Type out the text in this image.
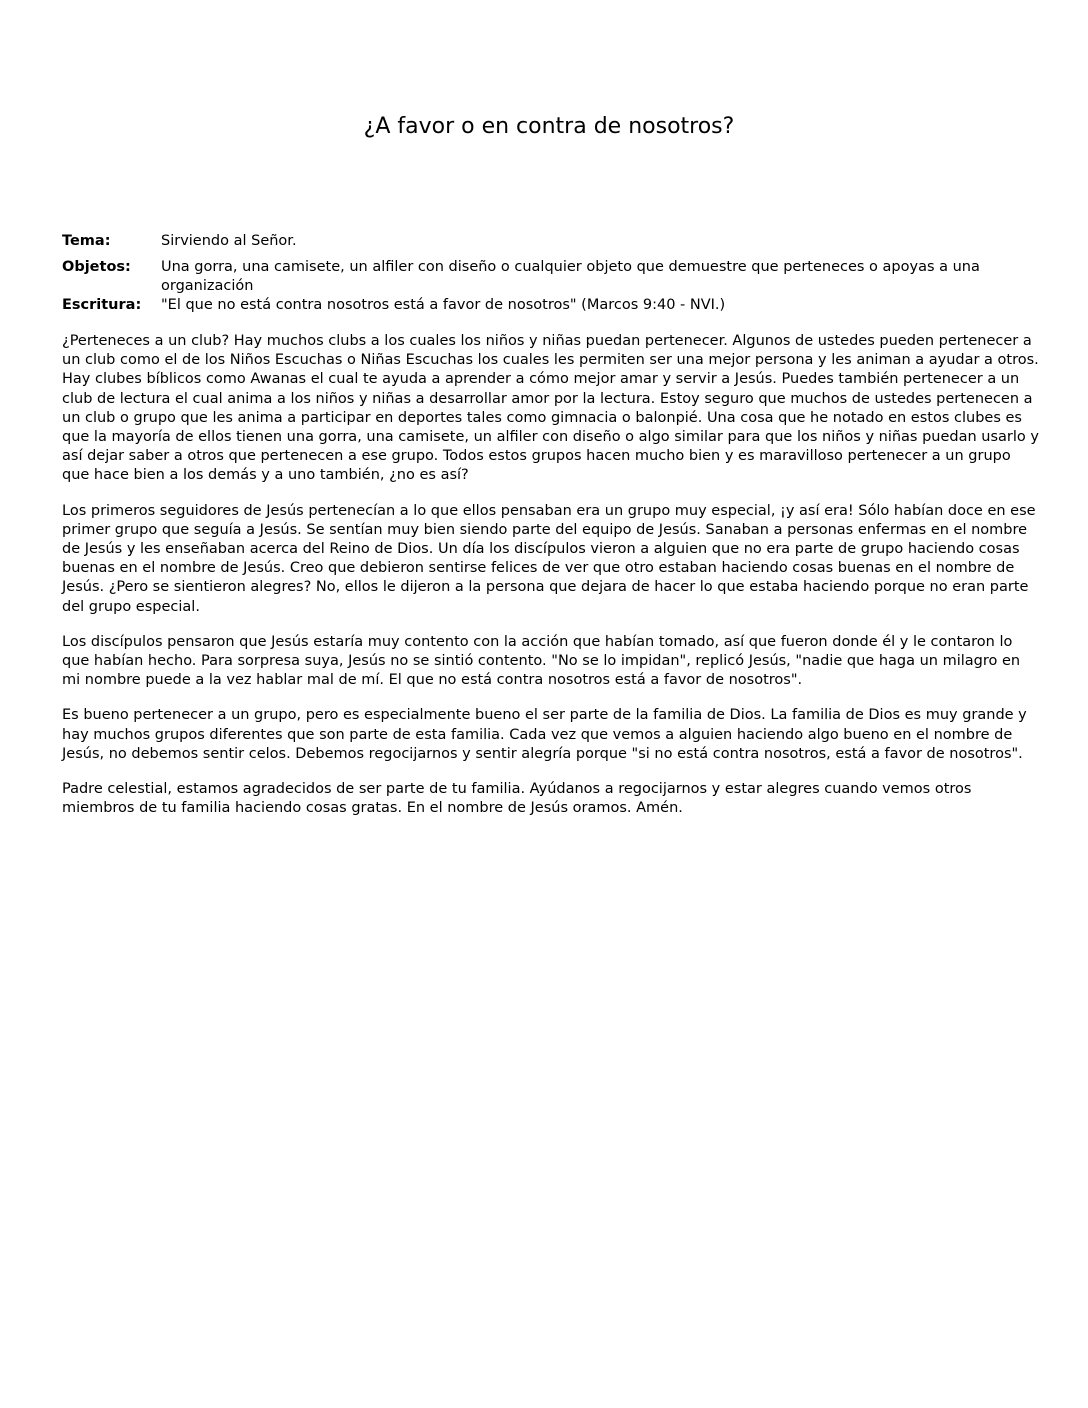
¿A favor o en contra de nosotros?
Tema:	Sirviendo al Señor.
Objetos:	Una gorra, una camisete, un alfiler con diseño o cualquier objeto que demuestre que perteneces o apoyas a una organización
Escritura:	"El que no está contra nosotros está a favor de nosotros" (Marcos 9:40 - NVI.)

¿Perteneces a un club? Hay muchos clubs a los cuales los niños y niñas puedan pertenecer. Algunos de ustedes pueden pertenecer a un club como el de los Niños Escuchas o Niñas Escuchas los cuales les permiten ser una mejor persona y les animan a ayudar a otros. Hay clubes bíblicos como Awanas el cual te ayuda a aprender a cómo mejor amar y servir a Jesús. Puedes también pertenecer a un club de lectura el cual anima a los niños y niñas a desarrollar amor por la lectura. Estoy seguro que muchos de ustedes pertenecen a un club o grupo que les anima a participar en deportes tales como gimnacia o balonpié. Una cosa que he notado en estos clubes es que la mayoría de ellos tienen una gorra, una camisete, un alfiler con diseño o algo similar para que los niños y niñas puedan usarlo y así dejar saber a otros que pertenecen a ese grupo. Todos estos grupos hacen mucho bien y es maravilloso pertenecer a un grupo que hace bien a los demás y a uno también, ¿no es así?

Los primeros seguidores de Jesús pertenecían a lo que ellos pensaban era un grupo muy especial, ¡y así era! Sólo habían doce en ese primer grupo que seguía a Jesús. Se sentían muy bien siendo parte del equipo de Jesús. Sanaban a personas enfermas en el nombre de Jesús y les enseñaban acerca del Reino de Dios. Un día los discípulos vieron a alguien que no era parte de grupo haciendo cosas buenas en el nombre de Jesús. Creo que debieron sentirse felices de ver que otro estaban haciendo cosas buenas en el nombre de Jesús. ¿Pero se sientieron alegres? No, ellos le dijeron a la persona que dejara de hacer lo que estaba haciendo porque no eran parte del grupo especial.

Los discípulos pensaron que Jesús estaría muy contento con la acción que habían tomado, así que fueron donde él y le contaron lo que habían hecho. Para sorpresa suya, Jesús no se sintió contento. "No se lo impidan", replicó Jesús, "nadie que haga un milagro en mi nombre puede a la vez hablar mal de mí. El que no está contra nosotros está a favor de nosotros".

Es bueno pertenecer a un grupo, pero es especialmente bueno el ser parte de la familia de Dios. La familia de Dios es muy grande y hay muchos grupos diferentes que son parte de esta familia. Cada vez que vemos a alguien haciendo algo bueno en el nombre de Jesús, no debemos sentir celos. Debemos regocijarnos y sentir alegría porque "si no está contra nosotros, está a favor de nosotros".

Padre celestial, estamos agradecidos de ser parte de tu familia. Ayúdanos a regocijarnos y estar alegres cuando vemos otros miembros de tu familia haciendo cosas gratas. En el nombre de Jesús oramos. Amén.
